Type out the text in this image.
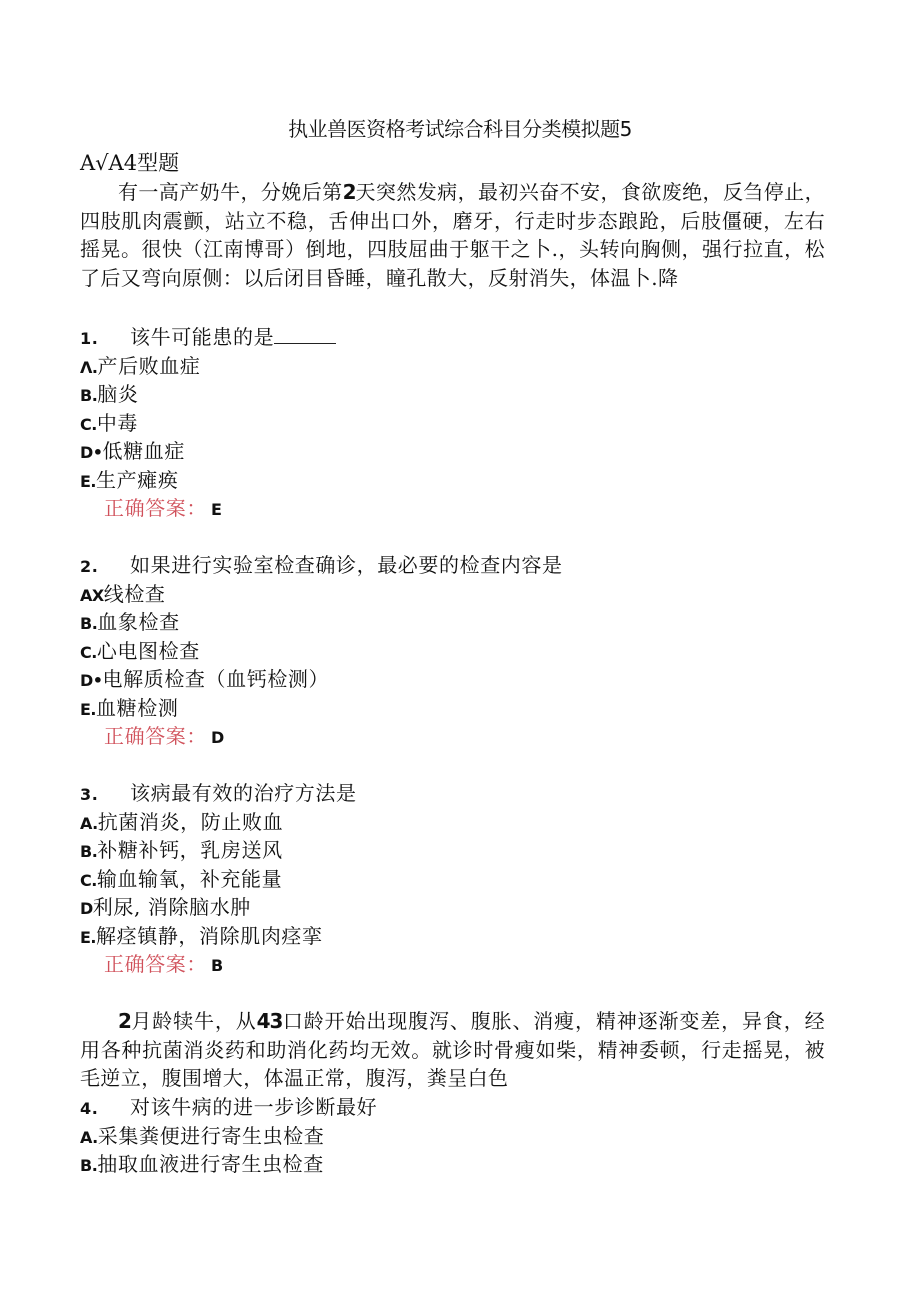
执业兽医资格考试综合科目分类模拟题5
A√A4型题
有一高产奶牛，分娩后第2天突然发病，最初兴奋不安，食欲废绝，反刍停止，四肢肌肉震颤，站立不稳，舌伸出口外，磨牙，行走时步态踉跄，后肢僵硬，左右摇晃。很快（江南博哥）倒地，四肢屈曲于躯干之卜.，头转向胸侧，强行拉直，松了后又弯向原侧：以后闭目昏睡，瞳孔散大，反射消失，体温卜.降
1. 该牛可能患的是
Λ.产后败血症
B.脑炎
C.中毒
D•低糖血症
E.生产瘫痪
正确答案： E
2. 如果进行实验室检查确诊，最必要的检查内容是
AX线检查
B.血象检查
C.心电图检查
D•电解质检查（血钙检测）
E.血糖检测
正确答案： D
3. 该病最有效的治疗方法是
A.抗菌消炎，防止败血
B.补糖补钙，乳房送风
C.输血输氧，补充能量
D利尿, 消除脑水肿
E.解痉镇静，消除肌肉痉挛
正确答案： B
2月龄犊牛，从43口龄开始出现腹泻、腹胀、消瘦，精神逐渐变差，异食，经用各种抗菌消炎药和助消化药均无效。就诊时骨瘦如柴，精神委顿，行走摇晃，被毛逆立，腹围增大，体温正常，腹泻，粪呈白色
4. 对该牛病的进一步诊断最好
A.采集粪便进行寄生虫检查
B.抽取血液进行寄生虫检查
